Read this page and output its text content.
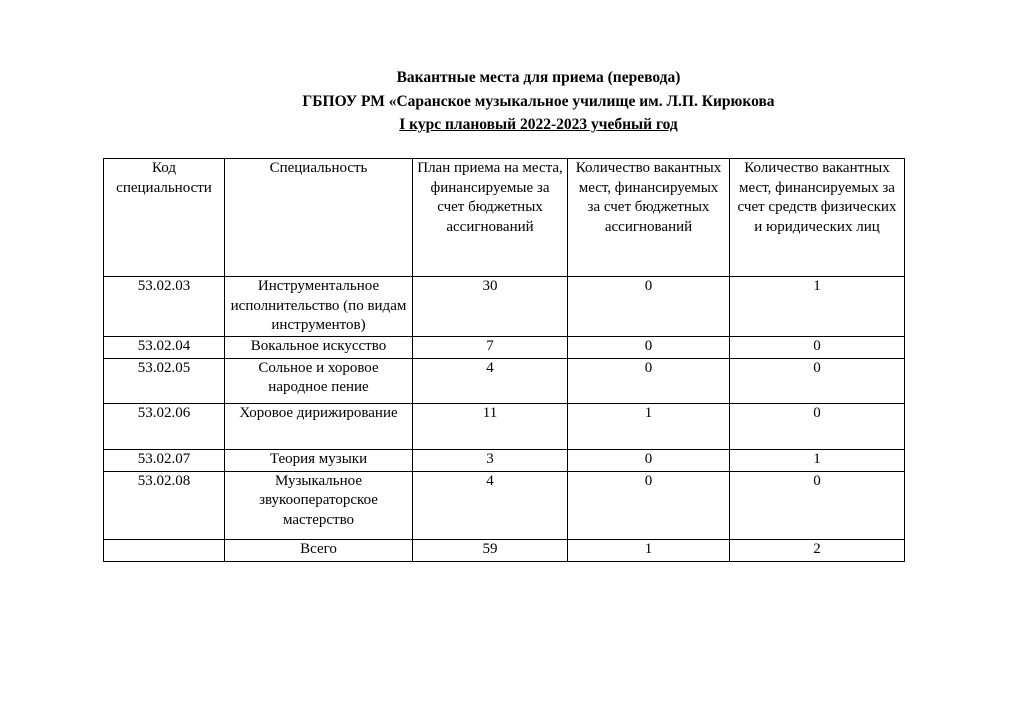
Вакантные места для приема (перевода)
ГБПОУ РМ «Саранское музыкальное училище им. Л.П. Кирюкова
I курс плановый 2022-2023 учебный год
Код специальности	Специальность	План приема на места, финансируемые за счет бюджетных ассигнований	Количество вакантных мест, финансируемых за счет бюджетных ассигнований	Количество вакантных мест, финансируемых за счет средств физических и юридических лиц
53.02.03	Инструментальное исполнительство (по видам инструментов)	30	0	1
53.02.04	Вокальное искусство	7	0	0
53.02.05	Сольное и хоровое народное пение	4	0	0
53.02.06	Хоровое дирижирование	11	1	0
53.02.07	Теория музыки	3	0	1
53.02.08	Музыкальное звукооператорское мастерство	4	0	0
	Всего	59	1	2
